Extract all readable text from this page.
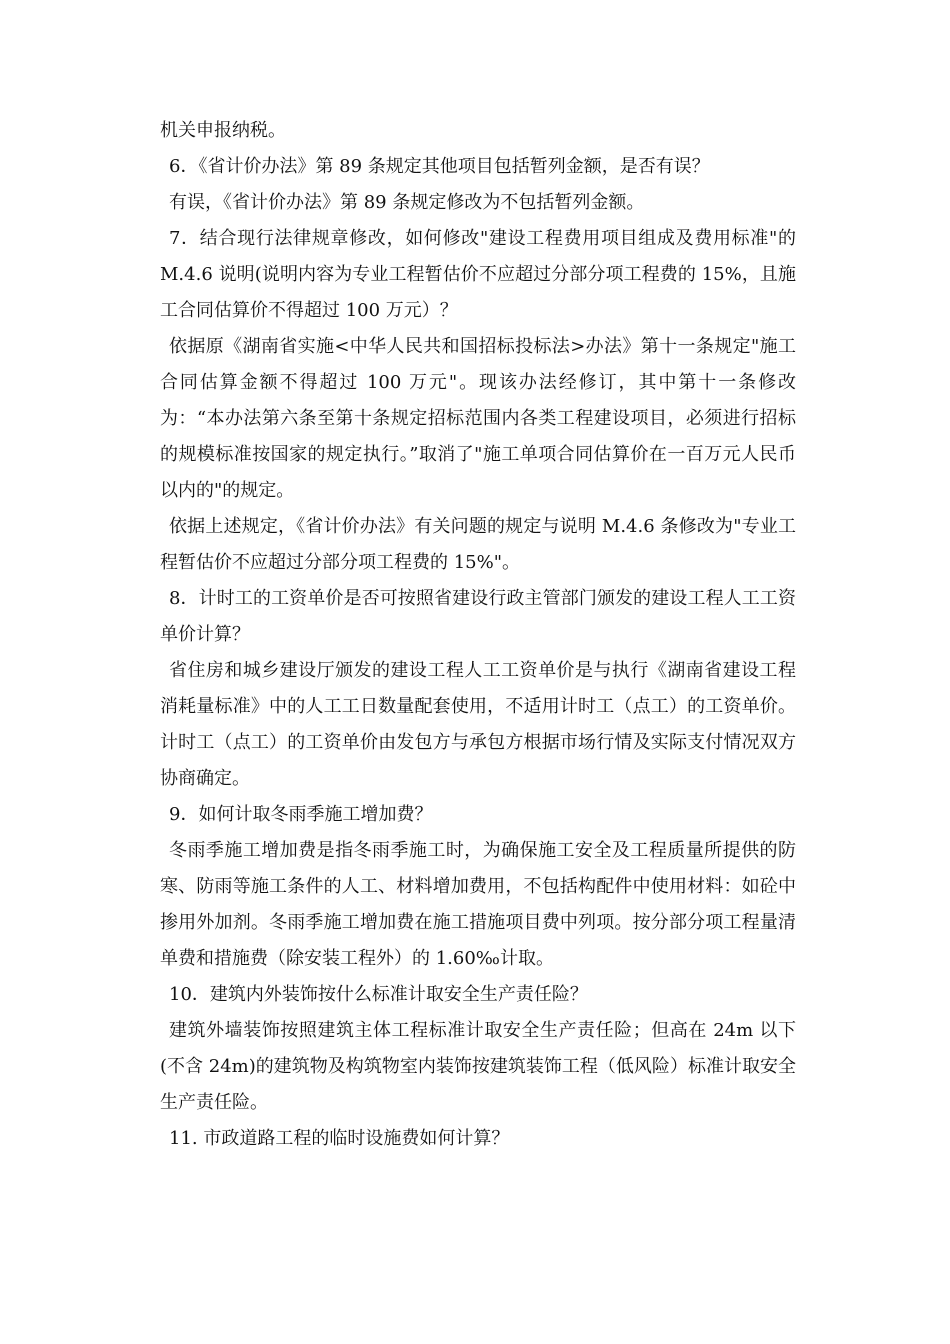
机关申报纳税。

6．《省计价办法》第 89 条规定其他项目包括暂列金额，是否有误？

有误，《省计价办法》第 89 条规定修改为不包括暂列金额。

7．结合现行法律规章修改，如何修改"建设工程费用项目组成及费用标准"的 M.4.6 说明(说明内容为专业工程暂估价不应超过分部分项工程费的 15%，且施工合同估算价不得超过 100 万元）？

依据原《湖南省实施<中华人民共和国招标投标法>办法》第十一条规定"施工合同估算金额不得超过 100 万元"。现该办法经修订，其中第十一条修改为：“本办法第六条至第十条规定招标范围内各类工程建设项目，必须进行招标的规模标准按国家的规定执行。”取消了"施工单项合同估算价在一百万元人民币以内的"的规定。

依据上述规定，《省计价办法》有关问题的规定与说明 M.4.6 条修改为"专业工程暂估价不应超过分部分项工程费的 15%"。

8．计时工的工资单价是否可按照省建设行政主管部门颁发的建设工程人工工资单价计算？

省住房和城乡建设厅颁发的建设工程人工工资单价是与执行《湖南省建设工程消耗量标准》中的人工工日数量配套使用，不适用计时工（点工）的工资单价。计时工（点工）的工资单价由发包方与承包方根据市场行情及实际支付情况双方协商确定。

9．如何计取冬雨季施工增加费？

冬雨季施工增加费是指冬雨季施工时，为确保施工安全及工程质量所提供的防寒、防雨等施工条件的人工、材料增加费用，不包括构配件中使用材料：如砼中掺用外加剂。冬雨季施工增加费在施工措施项目费中列项。按分部分项工程量清单费和措施费（除安装工程外）的 1.60‰计取。

10．建筑内外装饰按什么标准计取安全生产责任险？

建筑外墙装饰按照建筑主体工程标准计取安全生产责任险；但高在 24m 以下(不含 24m)的建筑物及构筑物室内装饰按建筑装饰工程（低风险）标准计取安全生产责任险。

11. 市政道路工程的临时设施费如何计算？
